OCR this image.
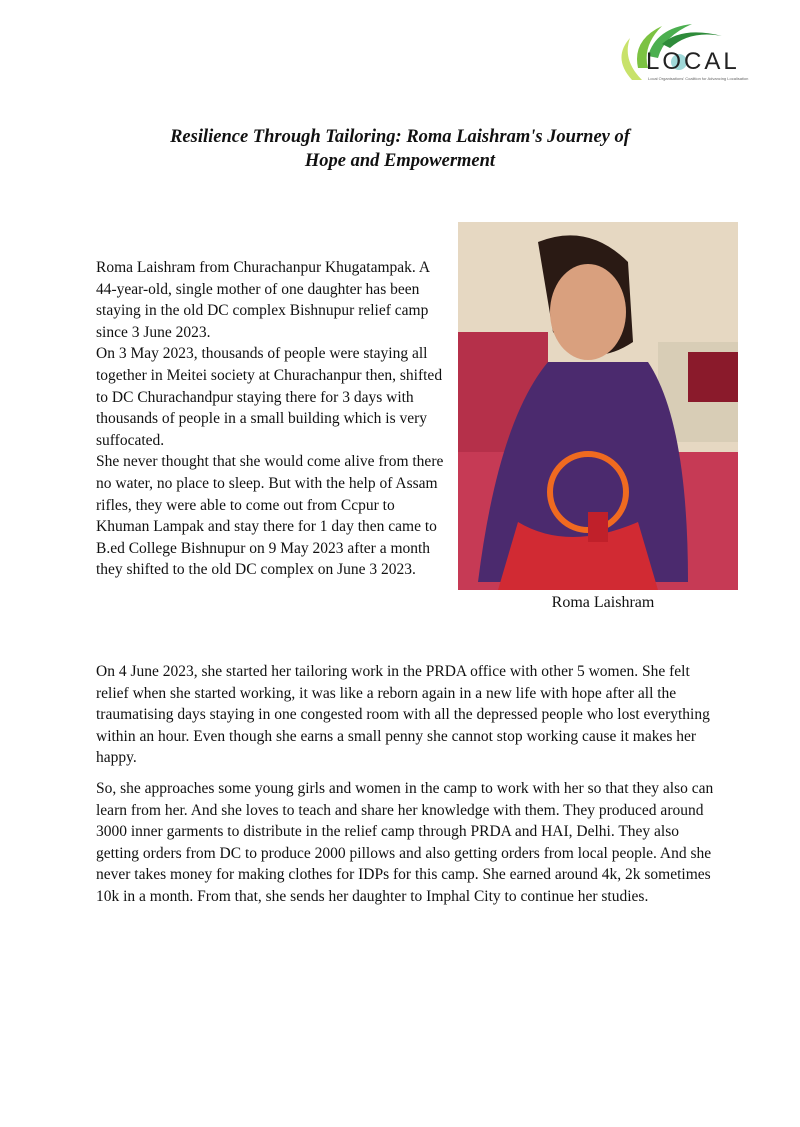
LOCAL
Local Organisations' Coalition for Advancing Localisation
Resilience Through Tailoring: Roma Laishram's Journey of
Hope and Empowerment
Roma Laishram from Churachanpur Khugatampak. A 44-year-old, single mother of one daughter has been staying in the old DC complex Bishnupur relief camp since 3 June 2023.
On 3 May 2023, thousands of people were staying all together in Meitei society at Churachanpur then, shifted to DC Churachandpur staying there for 3 days with thousands of people in a small building which is very suffocated.
She never thought that she would come alive from there no water, no place to sleep. But with the help of Assam rifles, they were able to come out from Ccpur to Khuman Lampak and stay there for 1 day then came to B.ed College Bishnupur on 9 May 2023 after a month they shifted to the old DC complex on June 3 2023.
Roma Laishram
On 4 June 2023, she started her tailoring work in the PRDA office with other 5 women. She felt relief when she started working, it was like a reborn again in a new life with hope after all the traumatising days staying in one congested room with all the depressed people who lost everything within an hour. Even though she earns a small penny she cannot stop working cause it makes her happy.
So, she approaches some young girls and women in the camp to work with her so that they also can learn from her. And she loves to teach and share her knowledge with them. They produced around 3000 inner garments to distribute in the relief camp through PRDA and HAI, Delhi. They also getting orders from DC to produce 2000 pillows and also getting orders from local people. And she never takes money for making clothes for IDPs for this camp. She earned around 4k, 2k sometimes 10k in a month. From that, she sends her daughter to Imphal City to continue her studies.
